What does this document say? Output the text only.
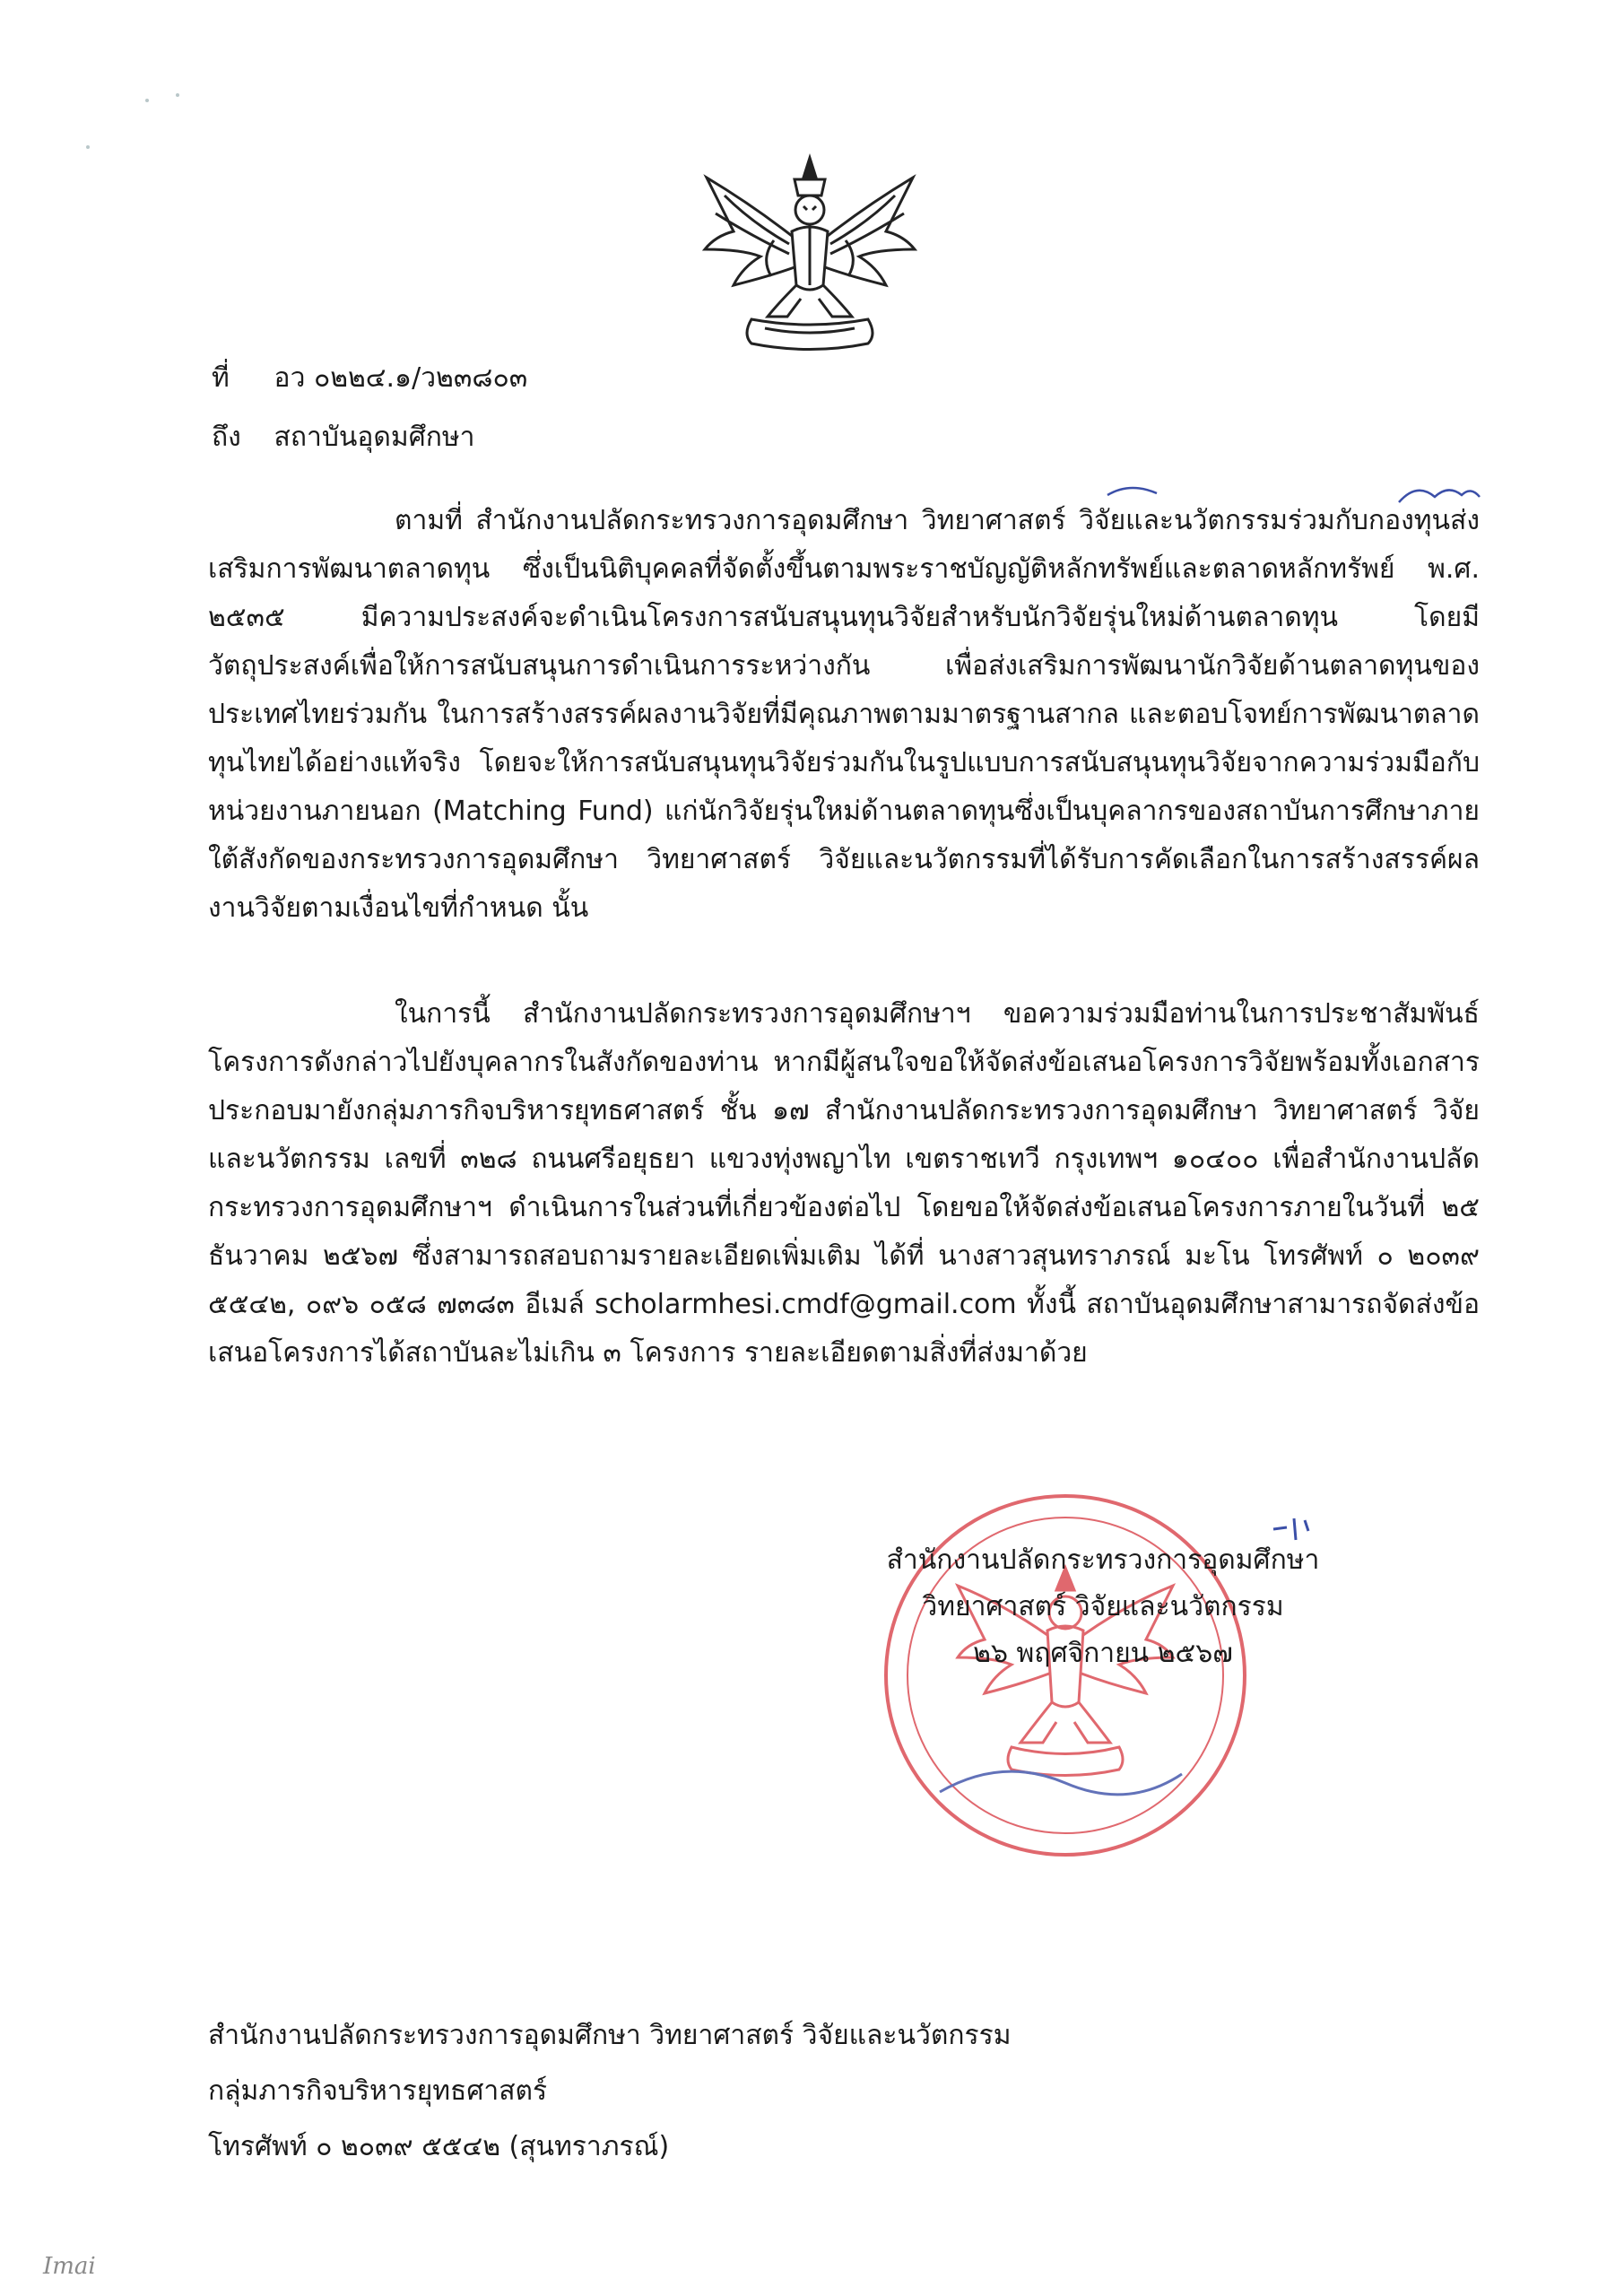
ที่ อว ๐๒๒๔.๑/ว๒๓๘๐๓
ถึง สถาบันอุดมศึกษา

ตามที่ สำนักงานปลัดกระทรวงการอุดมศึกษา วิทยาศาสตร์ วิจัยและนวัตกรรมร่วมกับกองทุนส่งเสริมการพัฒนาตลาดทุน ซึ่งเป็นนิติบุคคลที่จัดตั้งขึ้นตามพระราชบัญญัติหลักทรัพย์และตลาดหลักทรัพย์ พ.ศ. ๒๕๓๕ มีความประสงค์จะดำเนินโครงการสนับสนุนทุนวิจัยสำหรับนักวิจัยรุ่นใหม่ด้านตลาดทุน โดยมีวัตถุประสงค์เพื่อให้การสนับสนุนการดำเนินการระหว่างกัน เพื่อส่งเสริมการพัฒนานักวิจัยด้านตลาดทุนของประเทศไทยร่วมกัน ในการสร้างสรรค์ผลงานวิจัยที่มีคุณภาพตามมาตรฐานสากล และตอบโจทย์การพัฒนาตลาดทุนไทยได้อย่างแท้จริง โดยจะให้การสนับสนุนทุนวิจัยร่วมกันในรูปแบบการสนับสนุนทุนวิจัยจากความร่วมมือกับหน่วยงานภายนอก (Matching Fund) แก่นักวิจัยรุ่นใหม่ด้านตลาดทุนซึ่งเป็นบุคลากรของสถาบันการศึกษาภายใต้สังกัดของกระทรวงการอุดมศึกษา วิทยาศาสตร์ วิจัยและนวัตกรรมที่ได้รับการคัดเลือกในการสร้างสรรค์ผลงานวิจัยตามเงื่อนไขที่กำหนด นั้น

ในการนี้ สำนักงานปลัดกระทรวงการอุดมศึกษาฯ ขอความร่วมมือท่านในการประชาสัมพันธ์โครงการดังกล่าวไปยังบุคลากรในสังกัดของท่าน หากมีผู้สนใจขอให้จัดส่งข้อเสนอโครงการวิจัยพร้อมทั้งเอกสารประกอบมายังกลุ่มภารกิจบริหารยุทธศาสตร์ ชั้น ๑๗ สำนักงานปลัดกระทรวงการอุดมศึกษา วิทยาศาสตร์ วิจัยและนวัตกรรม เลขที่ ๓๒๘ ถนนศรีอยุธยา แขวงทุ่งพญาไท เขตราชเทวี กรุงเทพฯ ๑๐๔๐๐ เพื่อสำนักงานปลัดกระทรวงการอุดมศึกษาฯ ดำเนินการในส่วนที่เกี่ยวข้องต่อไป โดยขอให้จัดส่งข้อเสนอโครงการภายในวันที่ ๒๕ ธันวาคม ๒๕๖๗ ซึ่งสามารถสอบถามรายละเอียดเพิ่มเติม ได้ที่ นางสาวสุนทราภรณ์ มะโน โทรศัพท์ ๐ ๒๐๓๙ ๕๕๔๒, ๐๙๖ ๐๕๘ ๗๓๘๓ อีเมล์ scholarmhesi.cmdf@gmail.com ทั้งนี้ สถาบันอุดมศึกษาสามารถจัดส่งข้อเสนอโครงการได้สถาบันละไม่เกิน ๓ โครงการ รายละเอียดตามสิ่งที่ส่งมาด้วย

สำนักงานปลัดกระทรวงการอุดมศึกษา
วิทยาศาสตร์ วิจัยและนวัตกรรม
๒๖ พฤศจิกายน ๒๕๖๗
สำนักงานปลัดกระทรวงการอุดมศึกษา วิทยาศาสตร์ วิจัยและนวัตกรรม
กลุ่มภารกิจบริหารยุทธศาสตร์
โทรศัพท์ ๐ ๒๐๓๙ ๕๕๔๒ (สุนทราภรณ์)
Imai
